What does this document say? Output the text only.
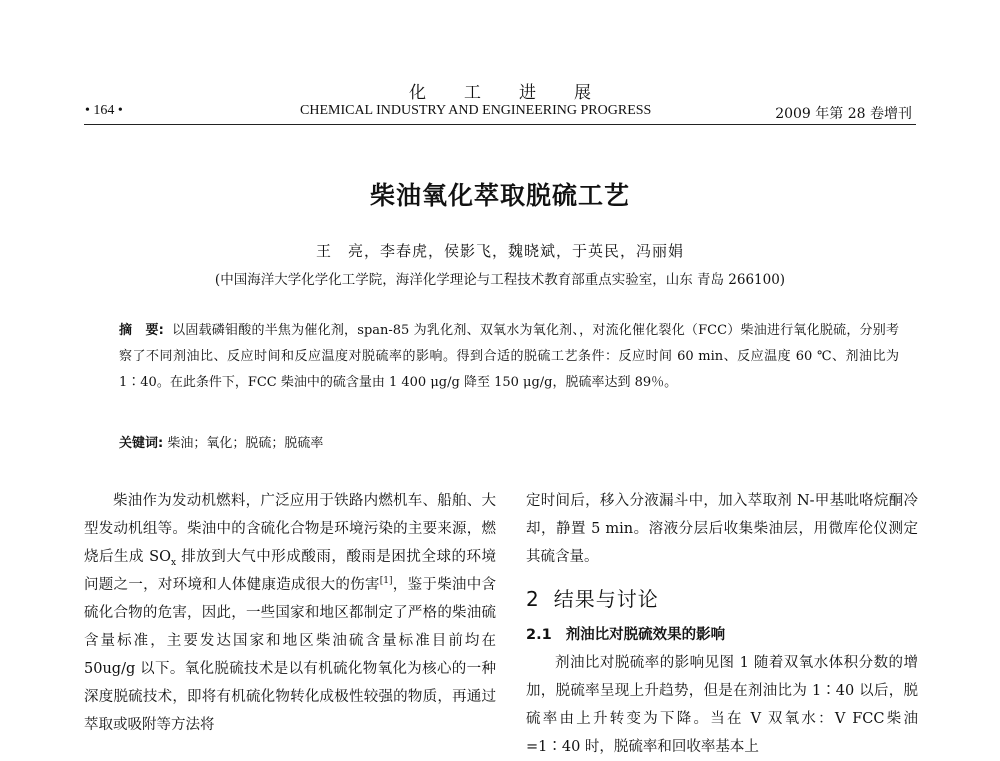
化工进展
• 164 •	CHEMICAL INDUSTRY AND ENGINEERING PROGRESS	2009 年第 28 卷增刊
柴油氧化萃取脱硫工艺
王　亮，李春虎，侯影飞，魏晓斌，于英民，冯丽娟
(中国海洋大学化学化工学院，海洋化学理论与工程技术教育部重点实验室，山东 青岛 266100)
摘　要: 以固载磷钼酸的半焦为催化剂，span-85 为乳化剂、双氧水为氧化剂、，对流化催化裂化（FCC）柴油进行氧化脱硫，分别考察了不同剂油比、反应时间和反应温度对脱硫率的影响。得到合适的脱硫工艺条件：反应时间 60 min、反应温度 60 ℃、剂油比为 1∶40。在此条件下，FCC 柴油中的硫含量由 1 400 μg/g 降至 150 μg/g，脱硫率达到 89％。
关键词: 柴油；氧化；脱硫；脱硫率

柴油作为发动机燃料，广泛应用于铁路内燃机车、船舶、大型发动机组等。柴油中的含硫化合物是环境污染的主要来源，燃烧后生成 $SO_x$ 排放到大气中形成酸雨，酸雨是困扰全球的环境问题之一，对环境和人体健康造成很大的伤害[1]，鉴于柴油中含硫化合物的危害，因此，一些国家和地区都制定了严格的柴油硫含量标准，主要发达国家和地区柴油硫含量标准目前均在 50ug/g 以下。氧化脱硫技术是以有机硫化物氧化为核心的一种深度脱硫技术，即将有机硫化物转化成极性较强的物质，再通过萃取或吸附等方法将

定时间后，移入分液漏斗中，加入萃取剂 N-甲基吡咯烷酮冷却，静置 5 min。溶液分层后收集柴油层，用微库伦仪测定其硫含量。

2 结果与讨论
2.1 剂油比对脱硫效果的影响

剂油比对脱硫率的影响见图 1 随着双氧水体积分数的增加，脱硫率呈现上升趋势，但是在剂油比为 1∶40 以后，脱硫率由上升转变为下降。当在 V 双氧水：V FCC柴油=1∶40 时，脱硫率和回收率基本上
